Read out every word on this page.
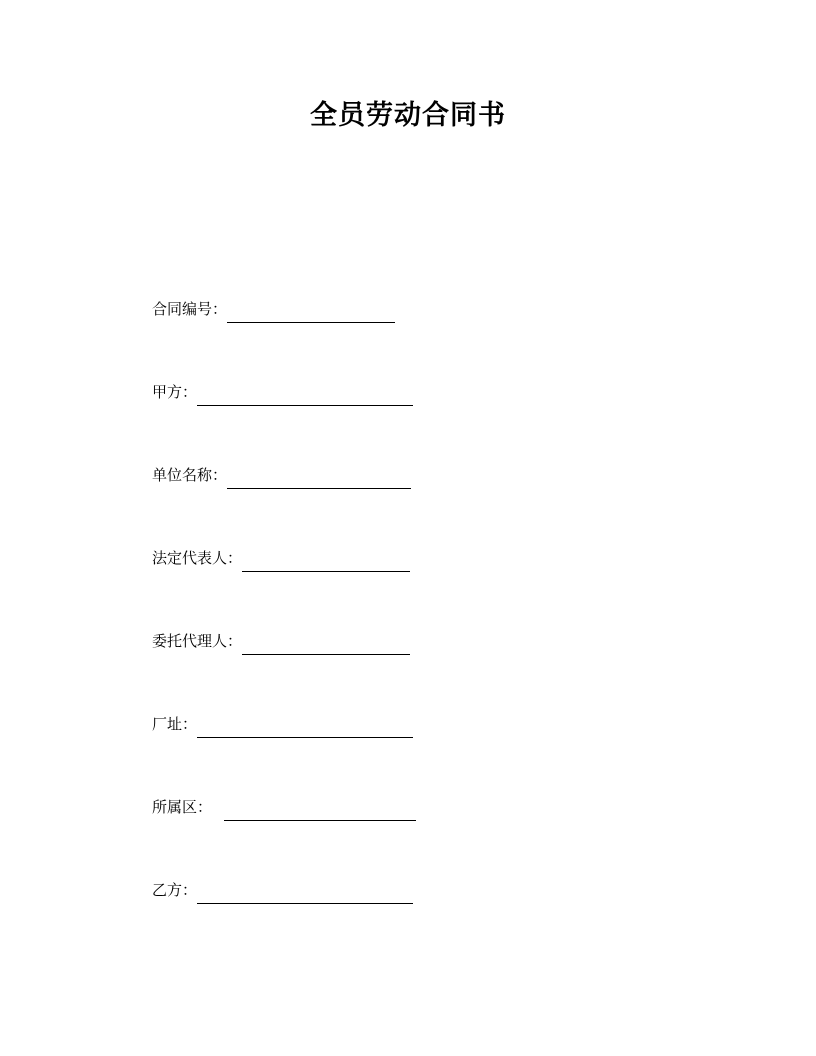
全员劳动合同书
合同编号：
甲方：
单位名称：
法定代表人：
委托代理人：
厂址：
所属区：
乙方：
